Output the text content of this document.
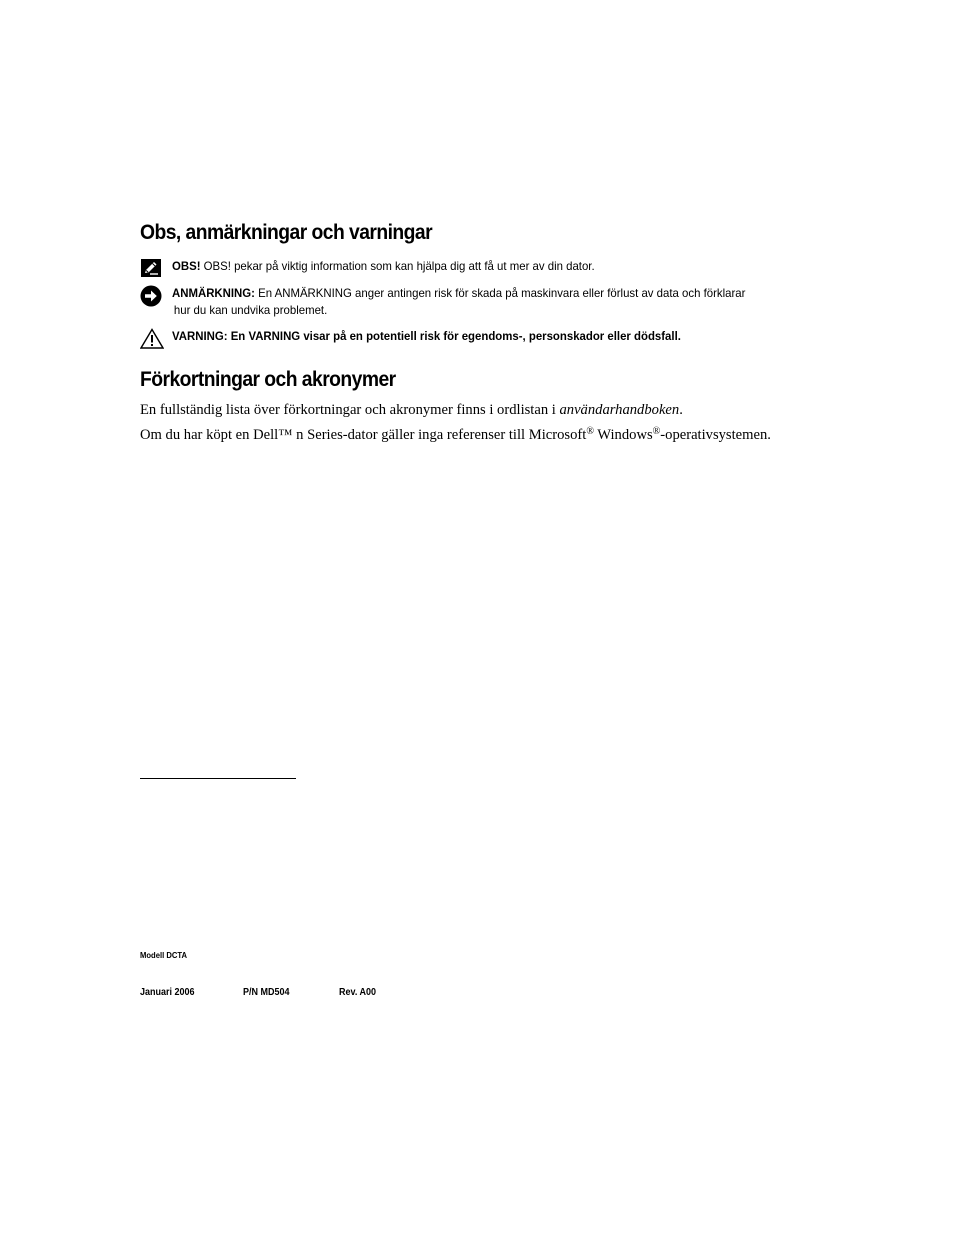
Obs, anmärkningar och varningar
OBS! OBS! pekar på viktig information som kan hjälpa dig att få ut mer av din dator.
ANMÄRKNING: En ANMÄRKNING anger antingen risk för skada på maskinvara eller förlust av data och förklarar
hur du kan undvika problemet.
VARNING: En VARNING visar på en potentiell risk för egendoms-, personskador eller dödsfall.
Förkortningar och akronymer
En fullständig lista över förkortningar och akronymer finns i ordlistan i användarhandboken.
Om du har köpt en Dell™ n Series-dator gäller inga referenser till Microsoft® Windows®-operativsystemen.
Modell DCTA
Januari 2006	P/N MD504	Rev. A00
